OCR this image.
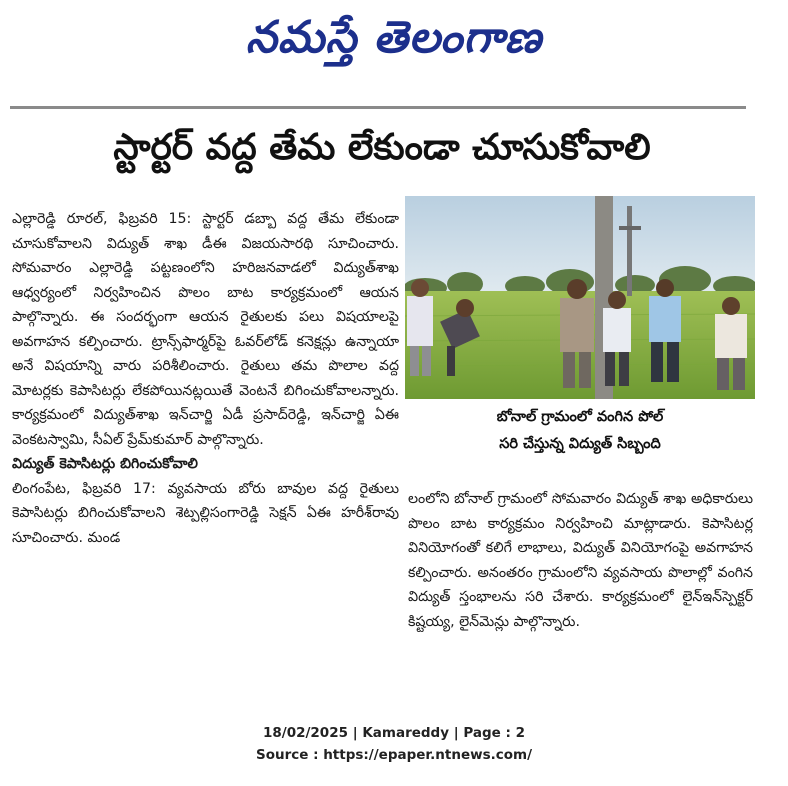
నమస్తే తెలంగాణ
స్టార్టర్ వద్ద తేమ లేకుండా చూసుకోవాలి

ఎల్లారెడ్డి రూరల్, ఫిబ్రవరి 15: స్టార్టర్ డబ్బా వద్ద తేమ లేకుండా చూసుకోవాలని విద్యుత్ శాఖ డీఈ విజయసారథి సూచించారు. సోమవారం ఎల్లారెడ్డి పట్టణంలోని హరిజనవాడలో విద్యుత్‌శాఖ ఆధ్వర్యంలో నిర్వహించిన పొలం బాట కార్యక్రమంలో ఆయన పాల్గొన్నారు. ఈ సందర్భంగా ఆయన రైతులకు పలు విషయాలపై అవగాహన కల్పించారు. ట్రాన్స్‌ఫార్మర్‌పై ఓవర్‌లోడ్ కనెక్షన్లు ఉన్నాయా అనే విషయాన్ని వారు పరిశీలించారు. రైతులు తమ పొలాల వద్ద మోటర్లకు కెపాసిటర్లు లేకపోయినట్లయితే వెంటనే బిగించుకోవాలన్నారు. కార్యక్రమంలో విద్యుత్‌శాఖ ఇన్‌చార్జి ఏడీ ప్రసాద్‌రెడ్డి, ఇన్‌చార్జి ఏఈ వెంకటస్వామి, సీఏల్ ప్రేమ్‌కుమార్ పాల్గొన్నారు.

విద్యుత్ కెపాసిటర్లు బిగించుకోవాలి

లింగంపేట, ఫిబ్రవరి 17: వ్యవసాయ బోరు బావుల వద్ద రైతులు కెపాసిటర్లు బిగించుకోవాలని శెట్పల్లిసంగారెడ్డి సెక్షన్ ఏఈ హరీశ్‌రావు సూచించారు. మండ

బోనాల్ గ్రామంలో వంగిన పోల్
సరి చేస్తున్న విద్యుత్ సిబ్బంది

లంలోని బోనాల్ గ్రామంలో సోమవారం విద్యుత్ శాఖ అధికారులు పొలం బాట కార్యక్రమం నిర్వహించి మాట్లాడారు. కెపాసిటర్ల వినియోగంతో కలిగే లాభాలు, విద్యుత్ వినియోగంపై అవగాహన కల్పించారు. అనంతరం గ్రామంలోని వ్యవసాయ పొలాల్లో వంగిన విద్యుత్ స్తంభాలను సరి చేశారు. కార్యక్రమంలో లైన్‌ఇన్‌స్పెక్టర్ కిష్టయ్య, లైన్‌మెన్లు పాల్గొన్నారు.

18/02/2025 | Kamareddy | Page : 2
Source : https://epaper.ntnews.com/
